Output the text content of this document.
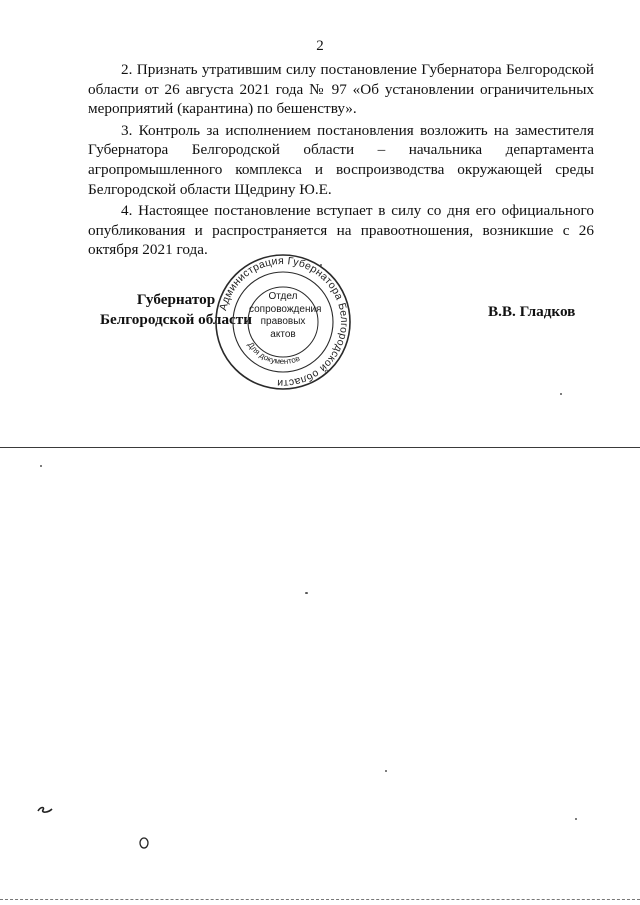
2

2. Признать утратившим силу постановление Губернатора Белгородской области от 26 августа 2021 года № 97 «Об установлении ограничительных мероприятий (карантина) по бешенству».

3. Контроль за исполнением постановления возложить на заместителя Губернатора Белгородской области – начальника департамента агропромышленного комплекса и воспроизводства окружающей среды Белгородской области Щедрину Ю.Е.

4. Настоящее постановление вступает в силу со дня его официального опубликования и распространяется на правоотношения, возникшие с 26 октября 2021 года.

Губернатор
Белгородской области	В.В. Гладков
Администрация Губернатора Белгородской области
Для документов
Отдел
сопровождения
правовых
актов
